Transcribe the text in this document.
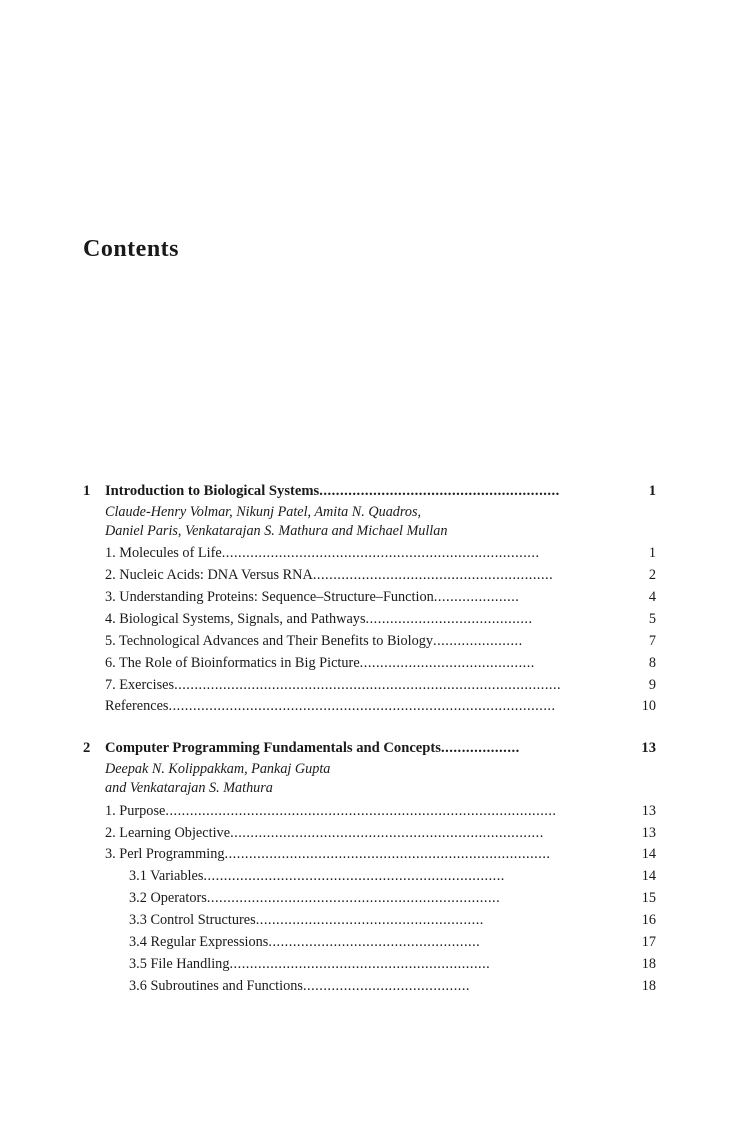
Contents
1	Introduction to Biological Systems ..........................................................	1
Claude-Henry Volmar, Nikunj Patel, Amita N. Quadros,
Daniel Paris, Venkatarajan S. Mathura and Michael Mullan
1. Molecules of Life ..............................................................................	1
2. Nucleic Acids: DNA Versus RNA ...........................................................	2
3. Understanding Proteins: Sequence–Structure–Function .....................	4
4. Biological Systems, Signals, and Pathways .........................................	5
5. Technological Advances and Their Benefits to Biology ......................	7
6. The Role of Bioinformatics in Big Picture ...........................................	8
7. Exercises ...............................................................................................	9
References ...............................................................................................	10
2	Computer Programming Fundamentals and Concepts ...................	13
Deepak N. Kolippakkam, Pankaj Gupta
and Venkatarajan S. Mathura
1. Purpose ................................................................................................	13
2. Learning Objective .............................................................................	13
3. Perl Programming ................................................................................	14
3.1 Variables ..........................................................................	14
3.2 Operators ........................................................................	15
3.3 Control Structures ........................................................	16
3.4 Regular Expressions ....................................................	17
3.5 File Handling ................................................................	18
3.6 Subroutines and Functions .........................................	18
